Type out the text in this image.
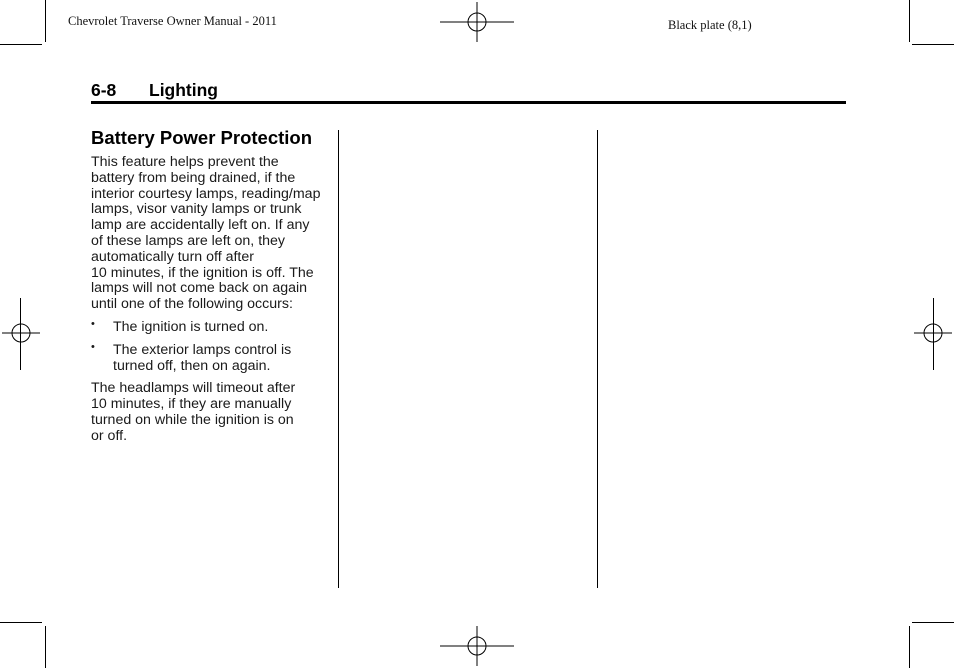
Chevrolet Traverse Owner Manual - 2011	Black plate (8,1)
6-8 Lighting
Battery Power Protection

This feature helps prevent the
battery from being drained, if the
interior courtesy lamps, reading/map
lamps, visor vanity lamps or trunk
lamp are accidentally left on. If any
of these lamps are left on, they
automatically turn off after
10 minutes, if the ignition is off. The
lamps will not come back on again
until one of the following occurs:

• The ignition is turned on.
• The exterior lamps control is
turned off, then on again.

The headlamps will timeout after
10 minutes, if they are manually
turned on while the ignition is on
or off.
